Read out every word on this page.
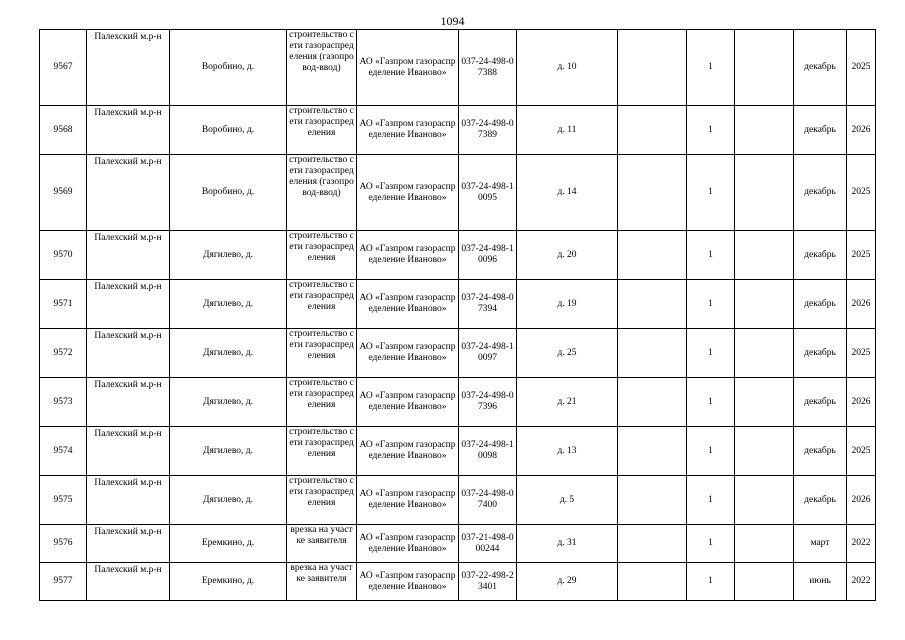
1094
9567	Палехский м.р-н	Воробино, д.	строительство сети газораспределения (газопровод-ввод)	АО «Газпром газораспределение Иваново»	037-24-498-07388	д. 10		1		декабрь	2025
9568	Палехский м.р-н	Воробино, д.	строительство сети газораспределения	АО «Газпром газораспределение Иваново»	037-24-498-07389	д. 11		1		декабрь	2026
9569	Палехский м.р-н	Воробино, д.	строительство сети газораспределения (газопровод-ввод)	АО «Газпром газораспределение Иваново»	037-24-498-10095	д. 14		1		декабрь	2025
9570	Палехский м.р-н	Дягилево, д.	строительство сети газораспределения	АО «Газпром газораспределение Иваново»	037-24-498-10096	д. 20		1		декабрь	2025
9571	Палехский м.р-н	Дягилево, д.	строительство сети газораспределения	АО «Газпром газораспределение Иваново»	037-24-498-07394	д. 19		1		декабрь	2026
9572	Палехский м.р-н	Дягилево, д.	строительство сети газораспределения	АО «Газпром газораспределение Иваново»	037-24-498-10097	д. 25		1		декабрь	2025
9573	Палехский м.р-н	Дягилево, д.	строительство сети газораспределения	АО «Газпром газораспределение Иваново»	037-24-498-07396	д. 21		1		декабрь	2026
9574	Палехский м.р-н	Дягилево, д.	строительство сети газораспределения	АО «Газпром газораспределение Иваново»	037-24-498-10098	д. 13		1		декабрь	2025
9575	Палехский м.р-н	Дягилево, д.	строительство сети газораспределения	АО «Газпром газораспределение Иваново»	037-24-498-07400	д. 5		1		декабрь	2026
9576	Палехский м.р-н	Еремкино, д.	врезка на участке заявителя	АО «Газпром газораспределение Иваново»	037-21-498-000244	д. 31		1		март	2022
9577	Палехский м.р-н	Еремкино, д.	врезка на участке заявителя	АО «Газпром газораспределение Иваново»	037-22-498-23401	д. 29		1		июнь	2022
